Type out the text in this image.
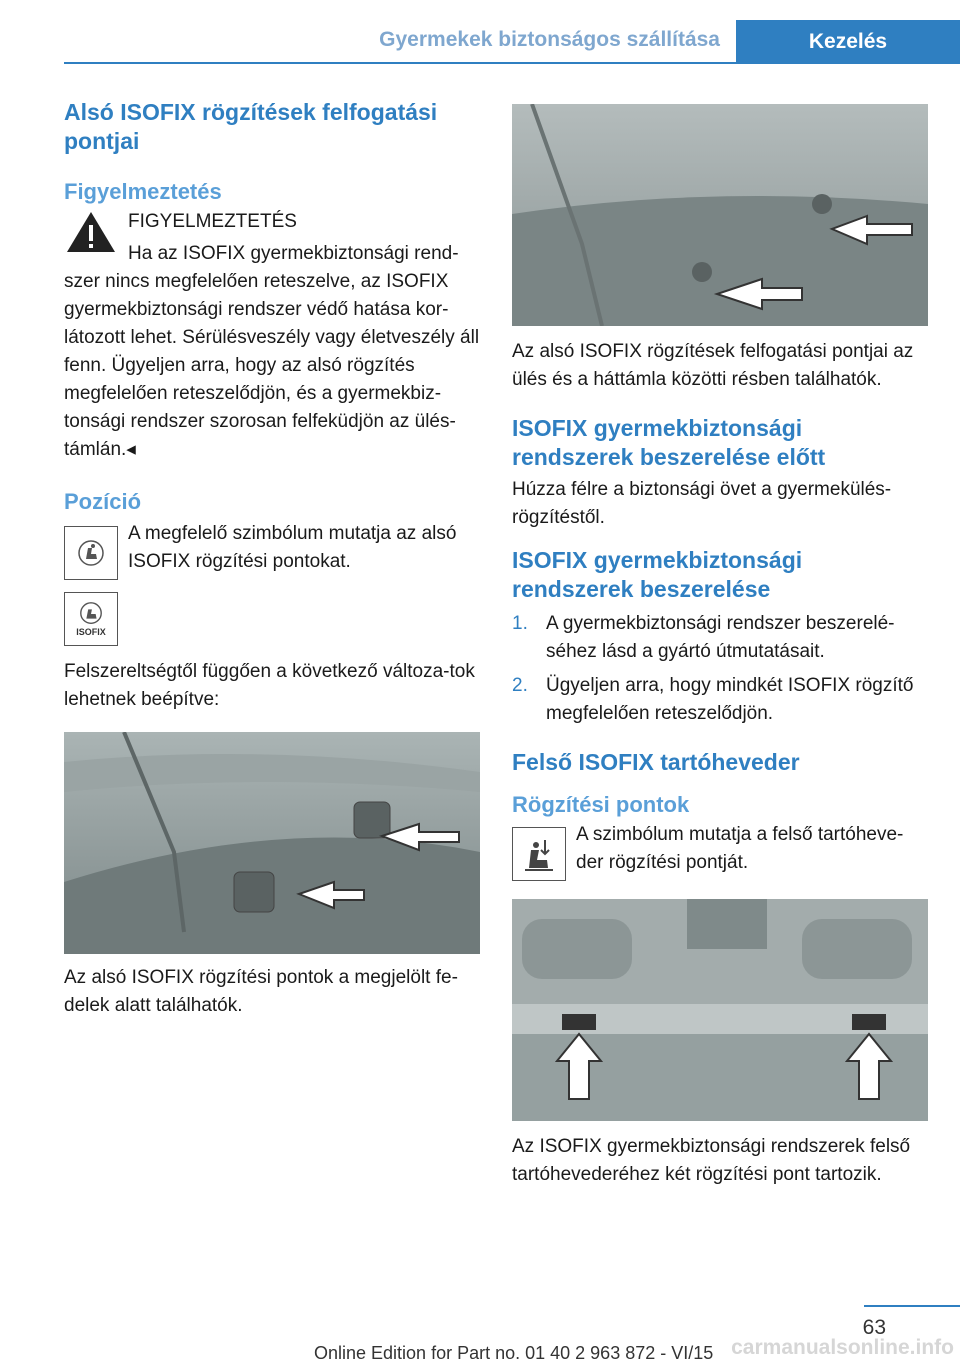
Gyermekek biztonságos szállítása	Kezelés
Alsó ISOFIX rögzítések felfogatási pontjai
Figyelmeztetés

FIGYELMEZTETÉS

Ha az ISOFIX gyermekbiztonsági rend-

szer nincs megfelelően reteszelve, az ISOFIX gyermekbiztonsági rendszer védő hatása kor-látozott lehet. Sérülésveszély vagy életveszély áll fenn. Ügyeljen arra, hogy az alsó rögzítés megfelelően reteszelődjön, és a gyermekbiz-tonsági rendszer szorosan felfeküdjön az ülés-támlán.◂

Pozíció

A megfelelő szimbólum mutatja az alsó ISOFIX rögzítési pontokat.

ISOFIX

Felszereltségtől függően a következő változa-tok lehetnek beépítve:

Az alsó ISOFIX rögzítési pontok a megjelölt fe-delek alatt találhatók.

Az alsó ISOFIX rögzítések felfogatási pontjai az ülés és a háttámla közötti résben találhatók.

ISOFIX gyermekbiztonsági rendszerek beszerelése előtt

Húzza félre a biztonsági övet a gyermekülés-rögzítéstől.

ISOFIX gyermekbiztonsági rendszerek beszerelése
1. A gyermekbiztonsági rendszer beszerelé-séhez lásd a gyártó útmutatásait.
2. Ügyeljen arra, hogy mindkét ISOFIX rögzítő megfelelően reteszelődjön.
Felső ISOFIX tartóheveder
Rögzítési pontok

A szimbólum mutatja a felső tartóheve-der rögzítési pontját.

Az ISOFIX gyermekbiztonsági rendszerek felső tartóhevederéhez két rögzítési pont tartozik.

63
Online Edition for Part no. 01 40 2 963 872 - VI/15 carmanualsonline.info
